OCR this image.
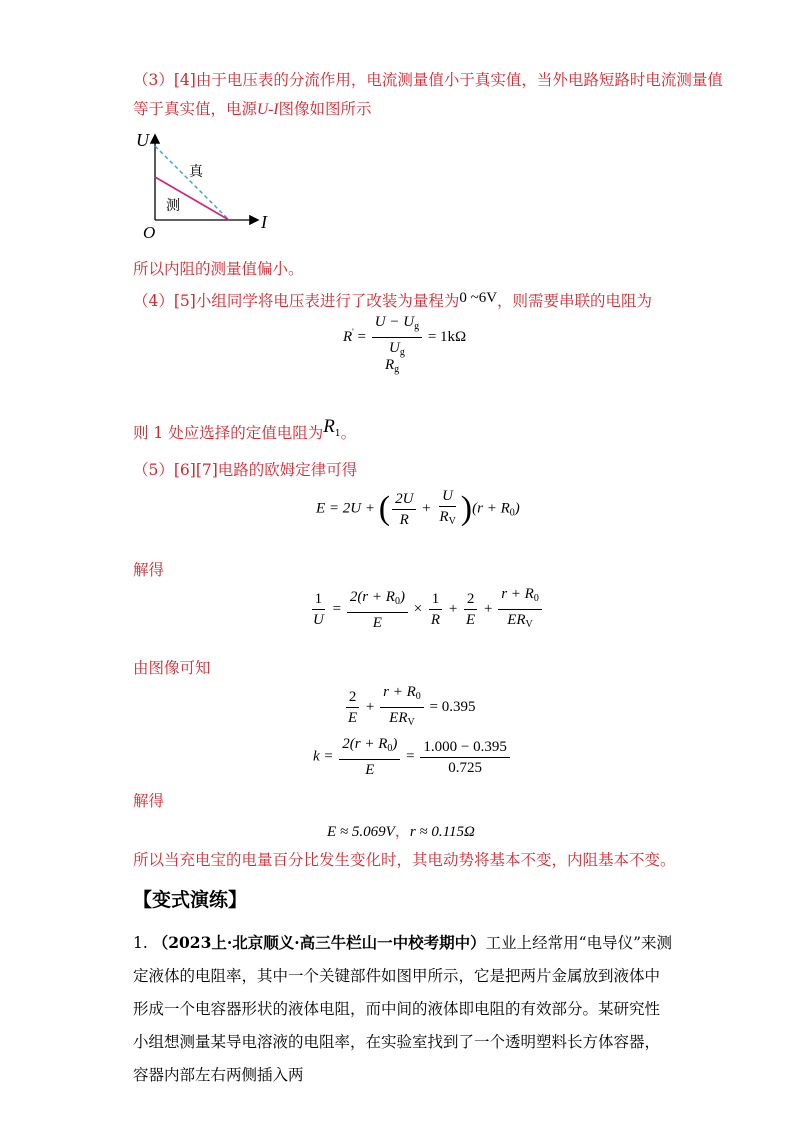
（3）[4]由于电压表的分流作用，电流测量值小于真实值，当外电路短路时电流测量值
等于真实值，电源U-I图像如图所示
U
I
O
真
测
所以内阻的测量值偏小。
（4）[5]小组同学将电压表进行了改装为量程为0 ~6V，则需要串联的电阻为
$R' = \frac{U - U_g}{U_g} = 1k\Omega$
$R_g$
则 1 处应选择的定值电阻为R1。
（5）[6][7]电路的欧姆定律可得
E = 2U + ( $\frac{2U}{R} + \frac{U}{R_V} )(r + R_0)$
解得
$\frac{1}{U} = \frac{2(r + R_0)}{E} \times \frac{1}{R} + \frac{2}{E} + \frac{r + R_0}{ER_V}$
由图像可知
$\frac{2}{E} + \frac{r + R_0}{ER_V} = 0.395$
$k = \frac{2(r + R_0)}{E} = \frac{1.000 - 0.395}{0.725}$
解得
E ≈ 5.069V，r ≈ 0.115Ω
所以当充电宝的电量百分比发生变化时，其电动势将基本不变，内阻基本不变。
【变式演练】
1. （2023上·北京顺义·高三牛栏山一中校考期中）工业上经常用“电导仪”来测定液体的电阻率，其中一个关键部件如图甲所示，它是把两片金属放到液体中形成一个电容器形状的液体电阻，而中间的液体即电阻的有效部分。某研究性小组想测量某导电溶液的电阻率，在实验室找到了一个透明塑料长方体容器，容器内部左右两侧插入两
